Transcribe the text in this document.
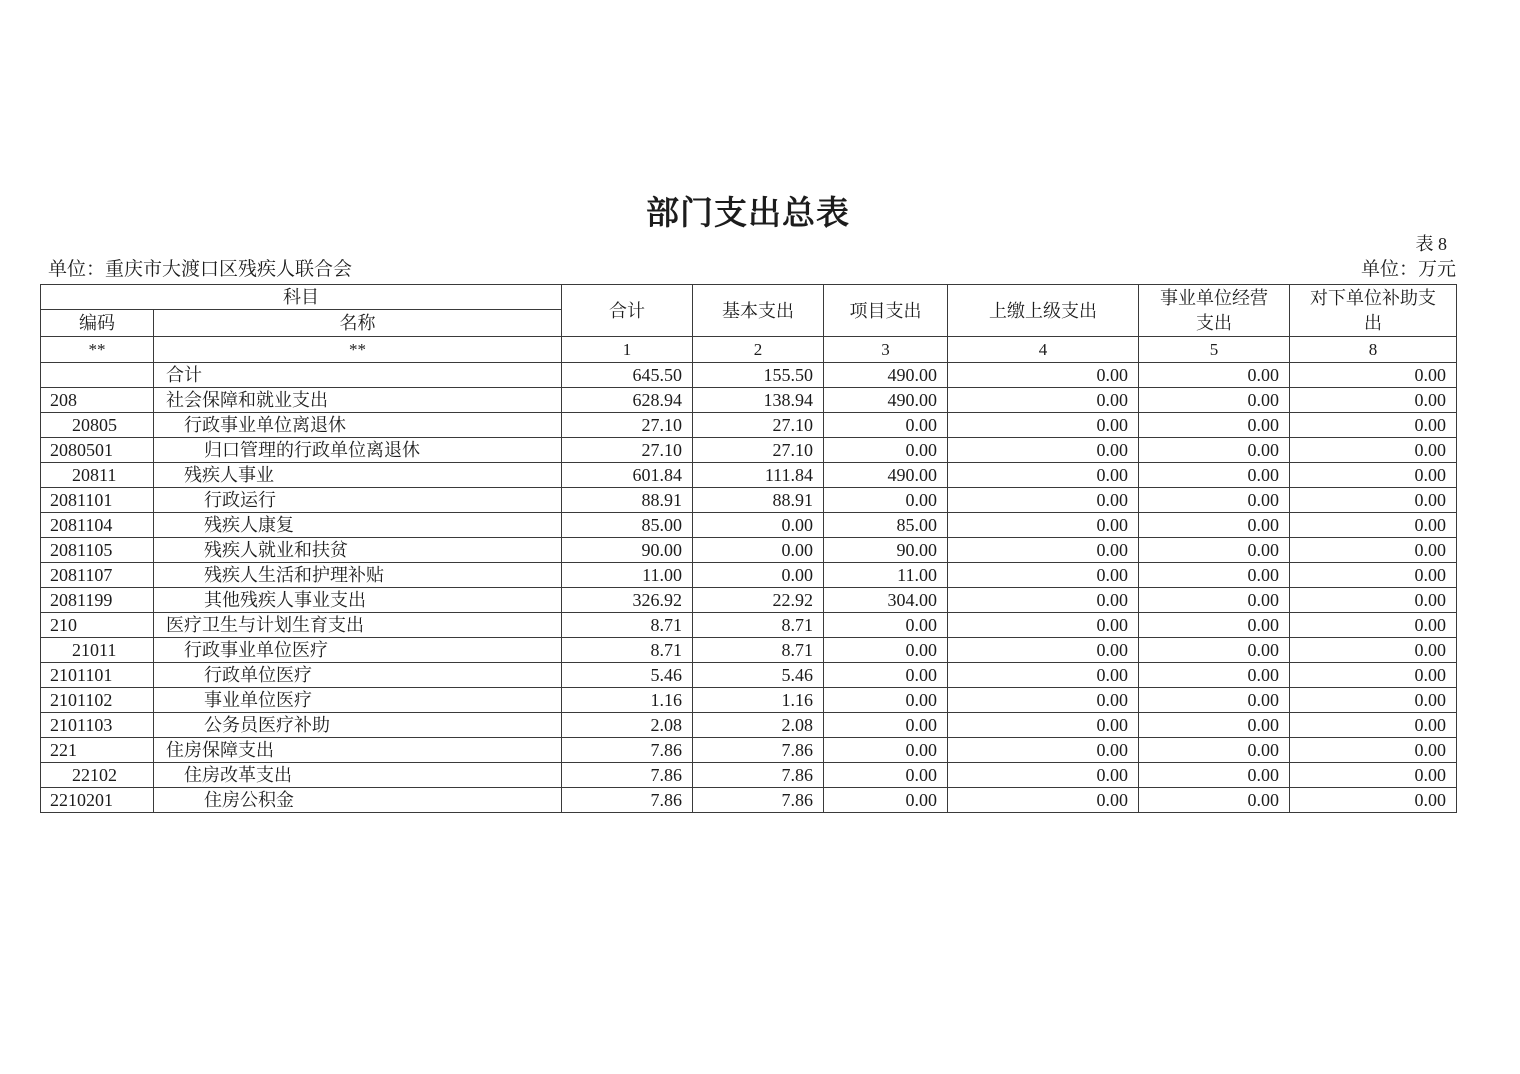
部门支出总表
表 8
单位：重庆市大渡口区残疾人联合会	单位：万元
科目		合计	基本支出	项目支出	上缴上级支出	事业单位经营支出	对下单位补助支出
编码	名称						
**	**	1	2	3	4	5	8
	合计	645.50	155.50	490.00	0.00	0.00	0.00
208	社会保障和就业支出	628.94	138.94	490.00	0.00	0.00	0.00
20805	行政事业单位离退休	27.10	27.10	0.00	0.00	0.00	0.00
2080501	归口管理的行政单位离退休	27.10	27.10	0.00	0.00	0.00	0.00
20811	残疾人事业	601.84	111.84	490.00	0.00	0.00	0.00
2081101	行政运行	88.91	88.91	0.00	0.00	0.00	0.00
2081104	残疾人康复	85.00	0.00	85.00	0.00	0.00	0.00
2081105	残疾人就业和扶贫	90.00	0.00	90.00	0.00	0.00	0.00
2081107	残疾人生活和护理补贴	11.00	0.00	11.00	0.00	0.00	0.00
2081199	其他残疾人事业支出	326.92	22.92	304.00	0.00	0.00	0.00
210	医疗卫生与计划生育支出	8.71	8.71	0.00	0.00	0.00	0.00
21011	行政事业单位医疗	8.71	8.71	0.00	0.00	0.00	0.00
2101101	行政单位医疗	5.46	5.46	0.00	0.00	0.00	0.00
2101102	事业单位医疗	1.16	1.16	0.00	0.00	0.00	0.00
2101103	公务员医疗补助	2.08	2.08	0.00	0.00	0.00	0.00
221	住房保障支出	7.86	7.86	0.00	0.00	0.00	0.00
22102	住房改革支出	7.86	7.86	0.00	0.00	0.00	0.00
2210201	住房公积金	7.86	7.86	0.00	0.00	0.00	0.00
